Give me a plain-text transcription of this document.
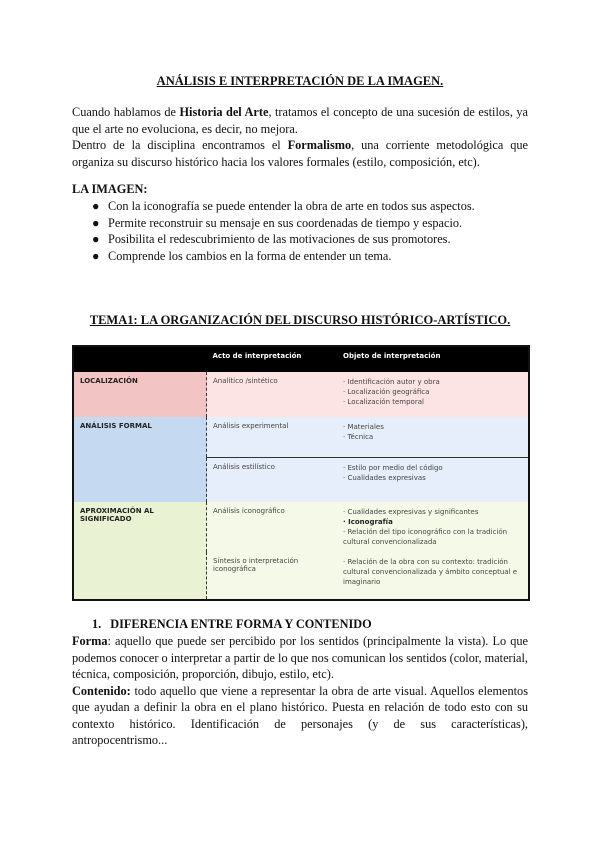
ANÁLISIS E INTERPRETACIÓN DE LA IMAGEN.

Cuando hablamos de Historia del Arte, tratamos el concepto de una sucesión de estilos, ya que el arte no evoluciona, es decir, no mejora.

Dentro de la disciplina encontramos el Formalismo, una corriente metodológica que organiza su discurso histórico hacia los valores formales (estilo, composición, etc).

LA IMAGEN:
● Con la iconografía se puede entender la obra de arte en todos sus aspectos.
● Permite reconstruir su mensaje en sus coordenadas de tiempo y espacio.
● Posibilita el redescubrimiento de las motivaciones de sus promotores.
● Comprende los cambios en la forma de entender un tema.
TEMA1: LA ORGANIZACIÓN DEL DISCURSO HISTÓRICO-ARTÍSTICO.
	Acto de interpretación	Objeto de interpretación
LOCALIZACIÓN	Analítico /sintético	· Identificación autor y obra
· Localización geográfica
· Localización temporal

ANÁLISIS FORMAL	Análisis experimental	· Materiales
· Técnica

	Análisis estilístico	· Estilo por medio del código
· Cualidades expresivas

APROXIMACIÓN AL SIGNIFICADO	Análisis iconográfico	· Cualidades expresivas y significantes
· Iconografía
· Relación del tipo iconográfico con la tradición cultural convencionalizada

	Síntesis o interpretación iconográfica	· Relación de la obra con su contexto: tradición cultural convencionalizada y ámbito conceptual e imaginario
1. DIFERENCIA ENTRE FORMA Y CONTENIDO

Forma: aquello que puede ser percibido por los sentidos (principalmente la vista). Lo que podemos conocer o interpretar a partir de lo que nos comunican los sentidos (color, material, técnica, composición, proporción, dibujo, estilo, etc).

Contenido: todo aquello que viene a representar la obra de arte visual. Aquellos elementos que ayudan a definir la obra en el plano histórico. Puesta en relación de todo esto con su contexto histórico. Identificación de personajes (y de sus características), antropocentrismo...
